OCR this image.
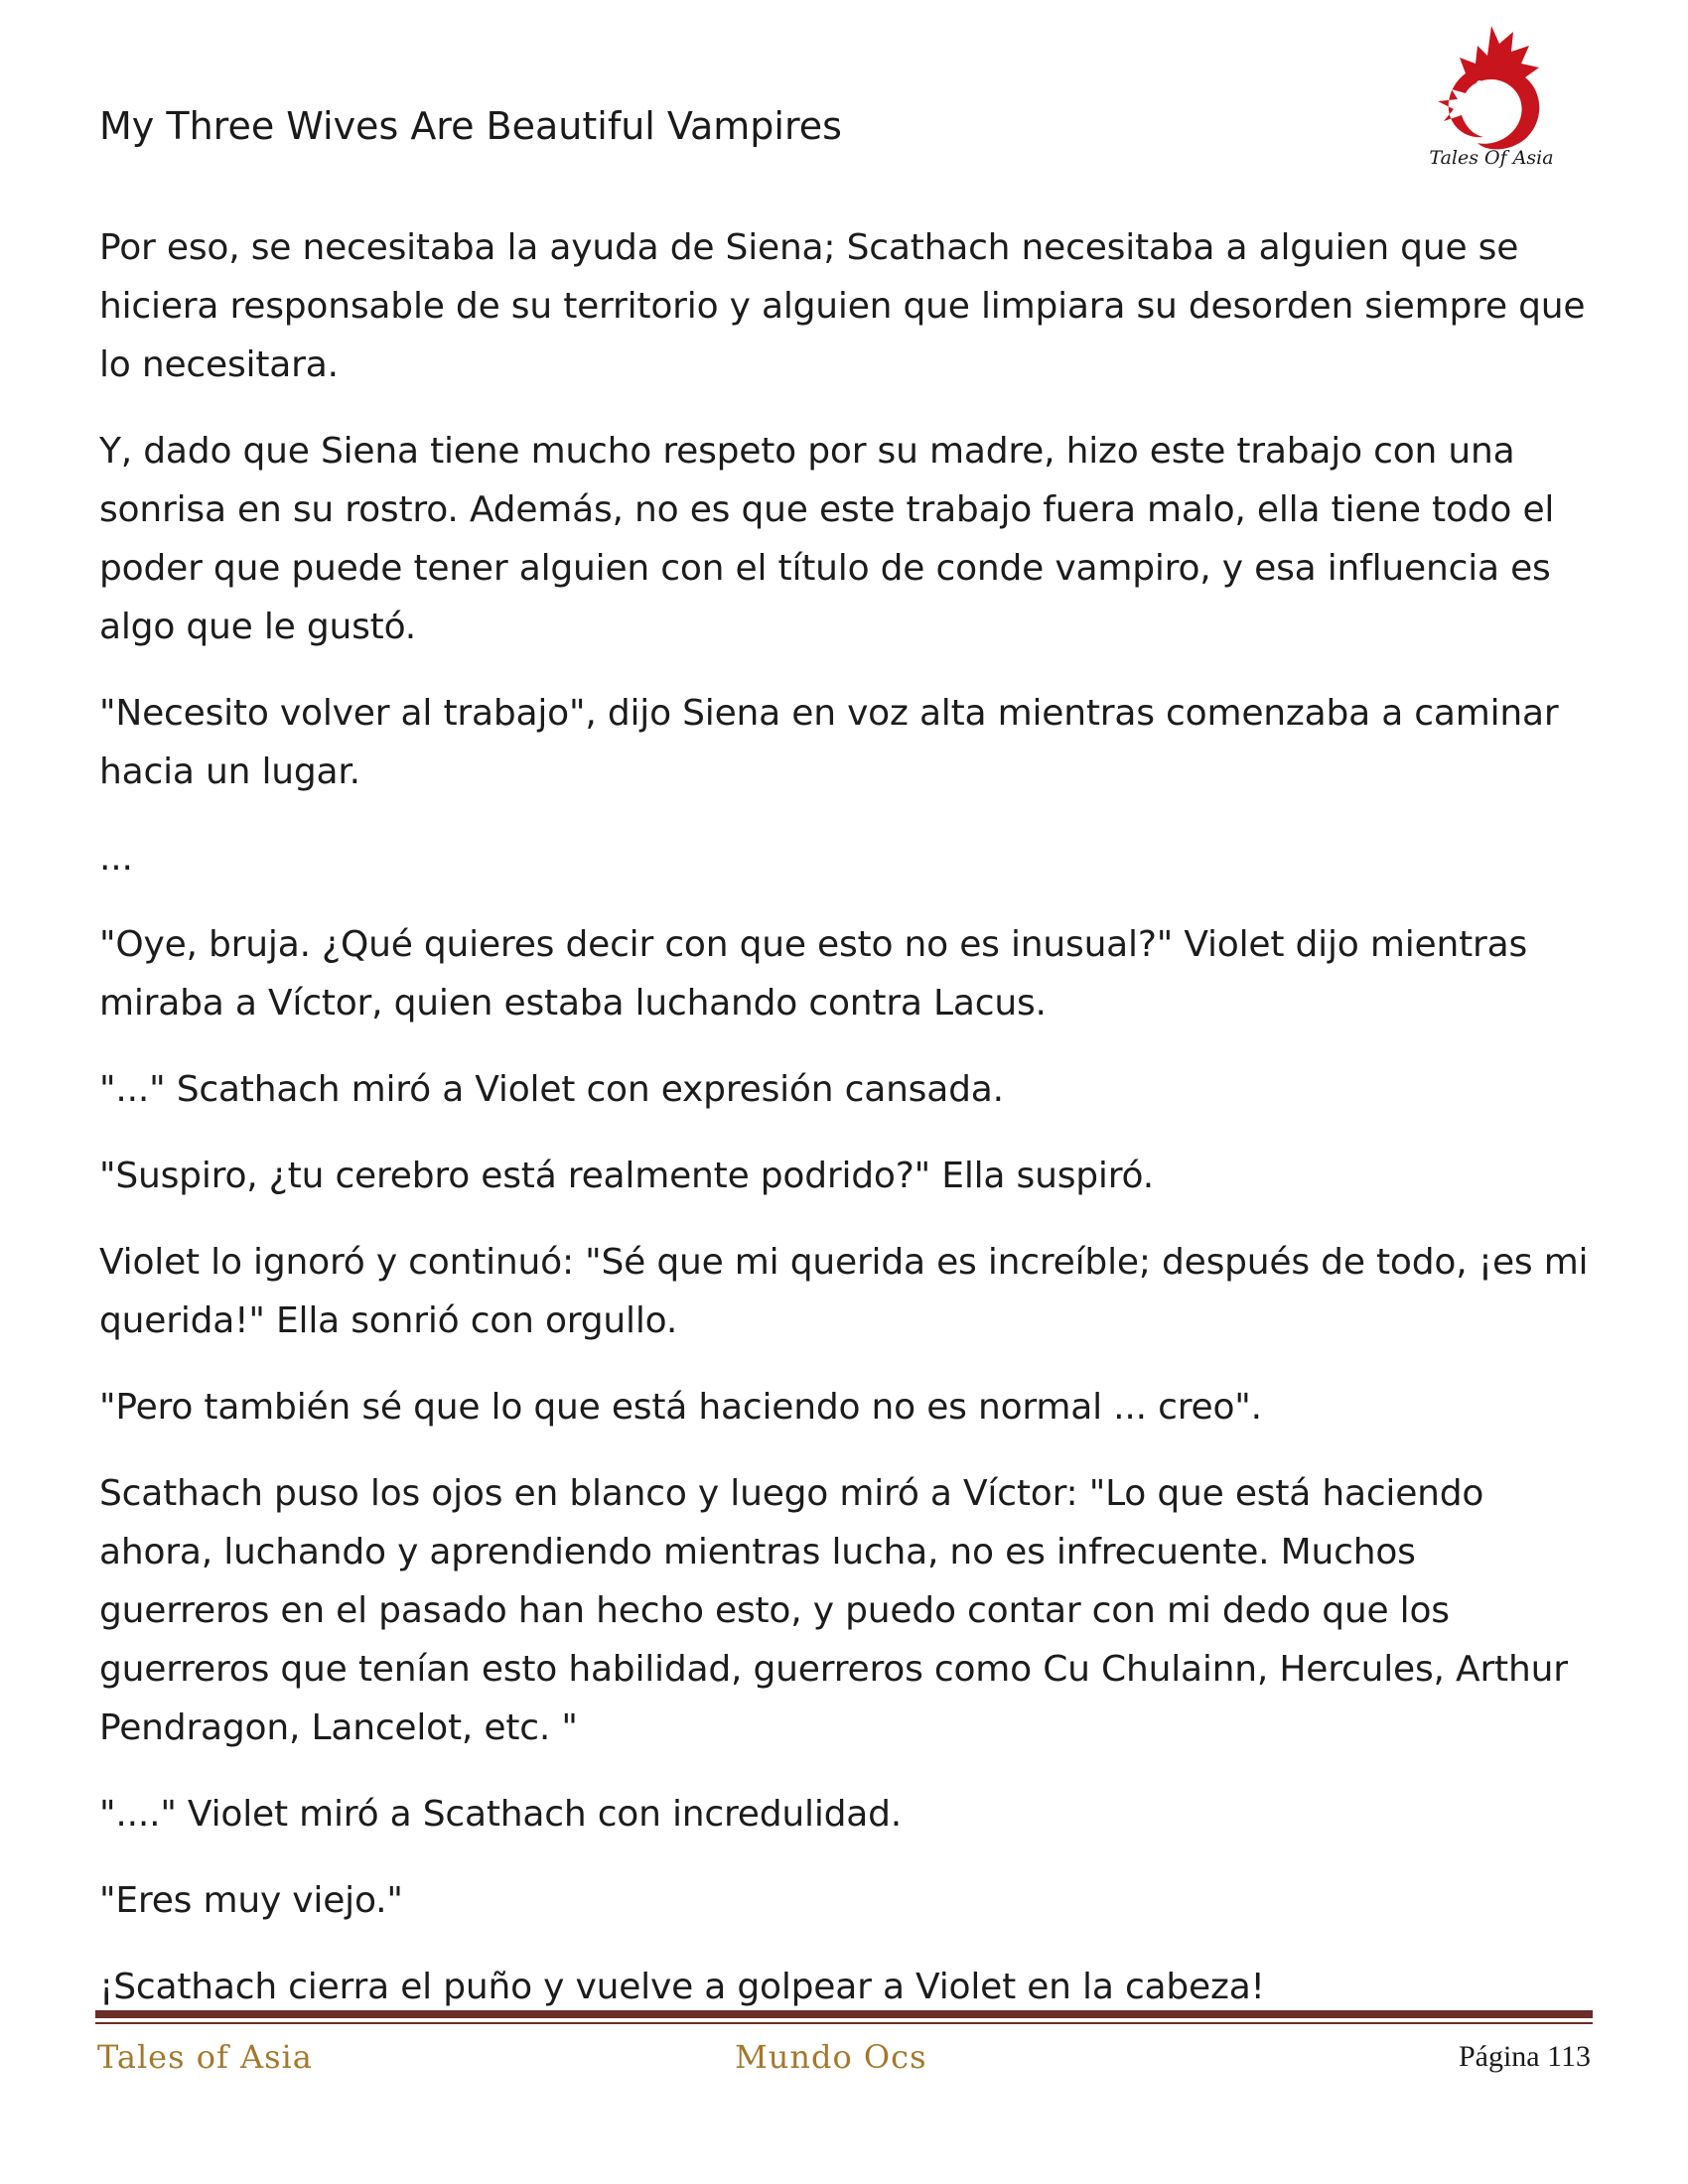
My Three Wives Are Beautiful Vampires
Tales Of Asia

Por eso, se necesitaba la ayuda de Siena; Scathach necesitaba a alguien que se hiciera responsable de su territorio y alguien que limpiara su desorden siempre que lo necesitara.

Y, dado que Siena tiene mucho respeto por su madre, hizo este trabajo con una sonrisa en su rostro. Además, no es que este trabajo fuera malo, ella tiene todo el poder que puede tener alguien con el título de conde vampiro, y esa influencia es algo que le gustó.

"Necesito volver al trabajo", dijo Siena en voz alta mientras comenzaba a caminar hacia un lugar.

...

"Oye, bruja. ¿Qué quieres decir con que esto no es inusual?" Violet dijo mientras miraba a Víctor, quien estaba luchando contra Lacus.

"..." Scathach miró a Violet con expresión cansada.

"Suspiro, ¿tu cerebro está realmente podrido?" Ella suspiró.

Violet lo ignoró y continuó: "Sé que mi querida es increíble; después de todo, ¡es mi querida!" Ella sonrió con orgullo.

"Pero también sé que lo que está haciendo no es normal ... creo".

Scathach puso los ojos en blanco y luego miró a Víctor: "Lo que está haciendo ahora, luchando y aprendiendo mientras lucha, no es infrecuente. Muchos guerreros en el pasado han hecho esto, y puedo contar con mi dedo que los guerreros que tenían esto habilidad, guerreros como Cu Chulainn, Hercules, Arthur Pendragon, Lancelot, etc. "

"...." Violet miró a Scathach con incredulidad.

"Eres muy viejo."

¡Scathach cierra el puño y vuelve a golpear a Violet en la cabeza!

Tales of Asia	Mundo Ocs	Página 113
